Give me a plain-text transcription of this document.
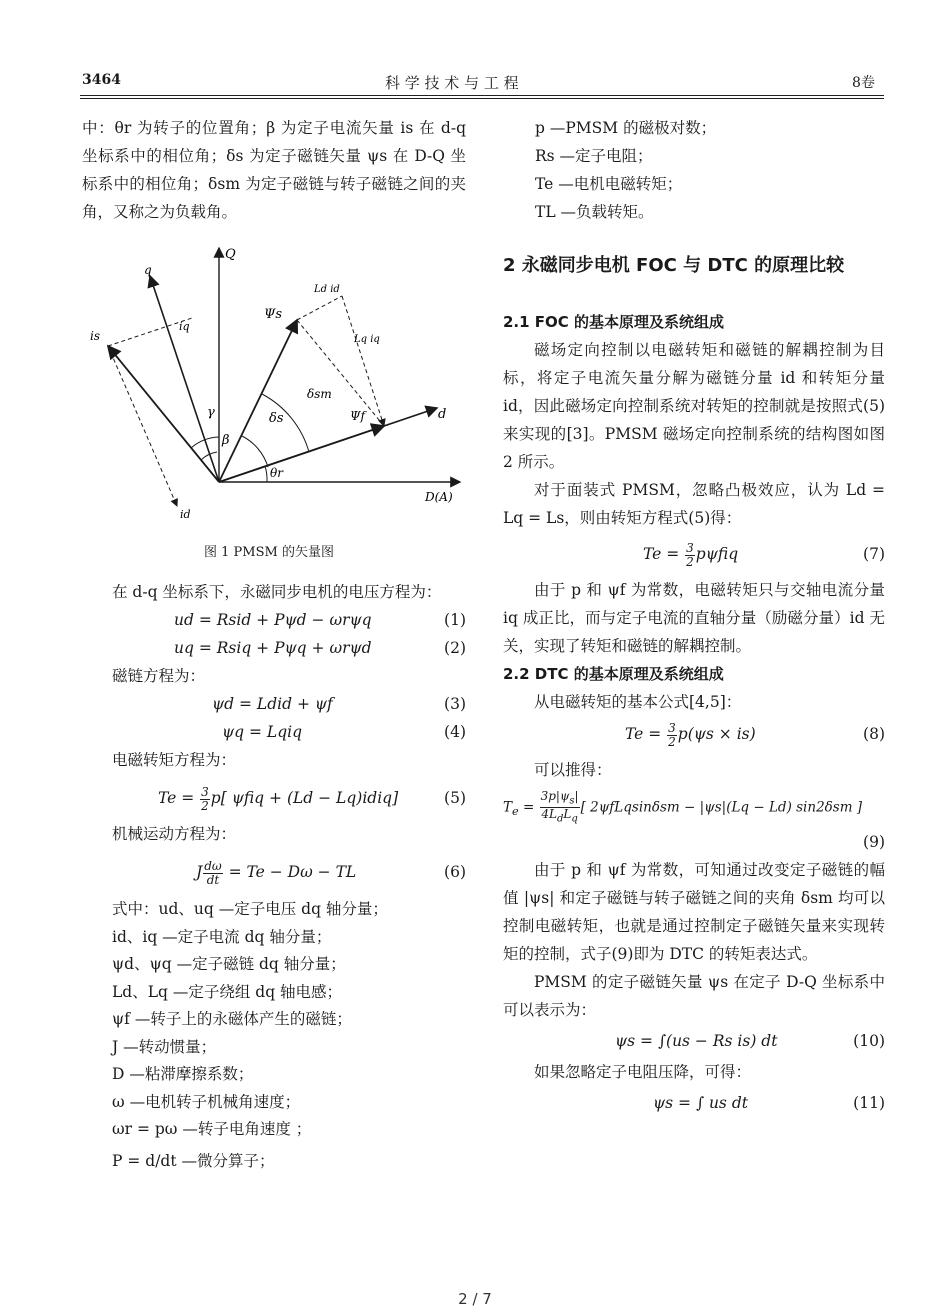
3464	科 学 技 术 与 工 程	8卷

中：θr 为转子的位置角；β 为定子电流矢量 is 在 d-q 坐标系中的相位角；δs 为定子磁链矢量 ψs 在 D-Q 坐标系中的相位角；δsm 为定子磁链与转子磁链之间的夹角，又称之为负载角。

Q
q
D(A)
d
is
iq
id
Ψs
Ψf
Ld id
Lq iq
γ
β
δs
δsm
θr
图 1 PMSM 的矢量图

在 d-q 坐标系下，永磁同步电机的电压方程为：

ud = Rsid + Pψd − ωrψq	(1)
uq = Rsiq + Pψq + ωrψd	(2)

磁链方程为：

ψd = Ldid + ψf	(3)
ψq = Lqiq	(4)

电磁转矩方程为：

$Te = \frac{3}{2} p$[ ψfiq + (Ld − Lq)idiq]	(5)

机械运动方程为：

J $\frac{d\omega}{dt} = Te - D\omega$ − TL	(6)

式中：ud、uq —定子电压 dq 轴分量；

id、iq —定子电流 dq 轴分量；

ψd、ψq —定子磁链 dq 轴分量；

Ld、Lq —定子绕组 dq 轴电感；

ψf —转子上的永磁体产生的磁链；

J —转动惯量；

D —粘滞摩擦系数；

ω —电机转子机械角速度；

ωr = pω —转子电角速度 ；

P = d/dt —微分算子；

p —PMSM 的磁极对数；

Rs —定子电阻；

Te —电机电磁转矩；

TL —负载转矩。

2 永磁同步电机 FOC 与 DTC 的原理比较

2.1 FOC 的基本原理及系统组成

磁场定向控制以电磁转矩和磁链的解耦控制为目标，将定子电流矢量分解为磁链分量 id 和转矩分量 id，因此磁场定向控制系统对转矩的控制就是按照式(5)来实现的[3]。PMSM 磁场定向控制系统的结构图如图 2 所示。

对于面装式 PMSM，忽略凸极效应，认为 Ld = Lq = Ls，则由转矩方程式(5)得：

$Te = \frac{3}{2}$ pψfiq	(7)

由于 p 和 ψf 为常数，电磁转矩只与交轴电流分量 iq 成正比，而与定子电流的直轴分量（励磁分量）id 无关，实现了转矩和磁链的解耦控制。

2.2 DTC 的基本原理及系统组成

从电磁转矩的基本公式[4,5]：

$Te = \frac{3}{2} p(\psi s \times is)$	(8)

可以推得：

$T_e = \frac{3p|\psi_s|}{4L_dL_q}$ [ 2ψfLqsinδsm − |ψs|(Lq − Ld) sin2δsm ]
(9)

由于 p 和 ψf 为常数，可知通过改变定子磁链的幅值 |ψs| 和定子磁链与转子磁链之间的夹角 δsm 均可以控制电磁转矩，也就是通过控制定子磁链矢量来实现转矩的控制，式子(9)即为 DTC 的转矩表达式。

PMSM 的定子磁链矢量 ψs 在定子 D-Q 坐标系中可以表示为：

ψs = ∫(us − Rs is) dt	(10)

如果忽略定子电阻压降，可得：

ψs = ∫ us dt	(11)
2 / 7
